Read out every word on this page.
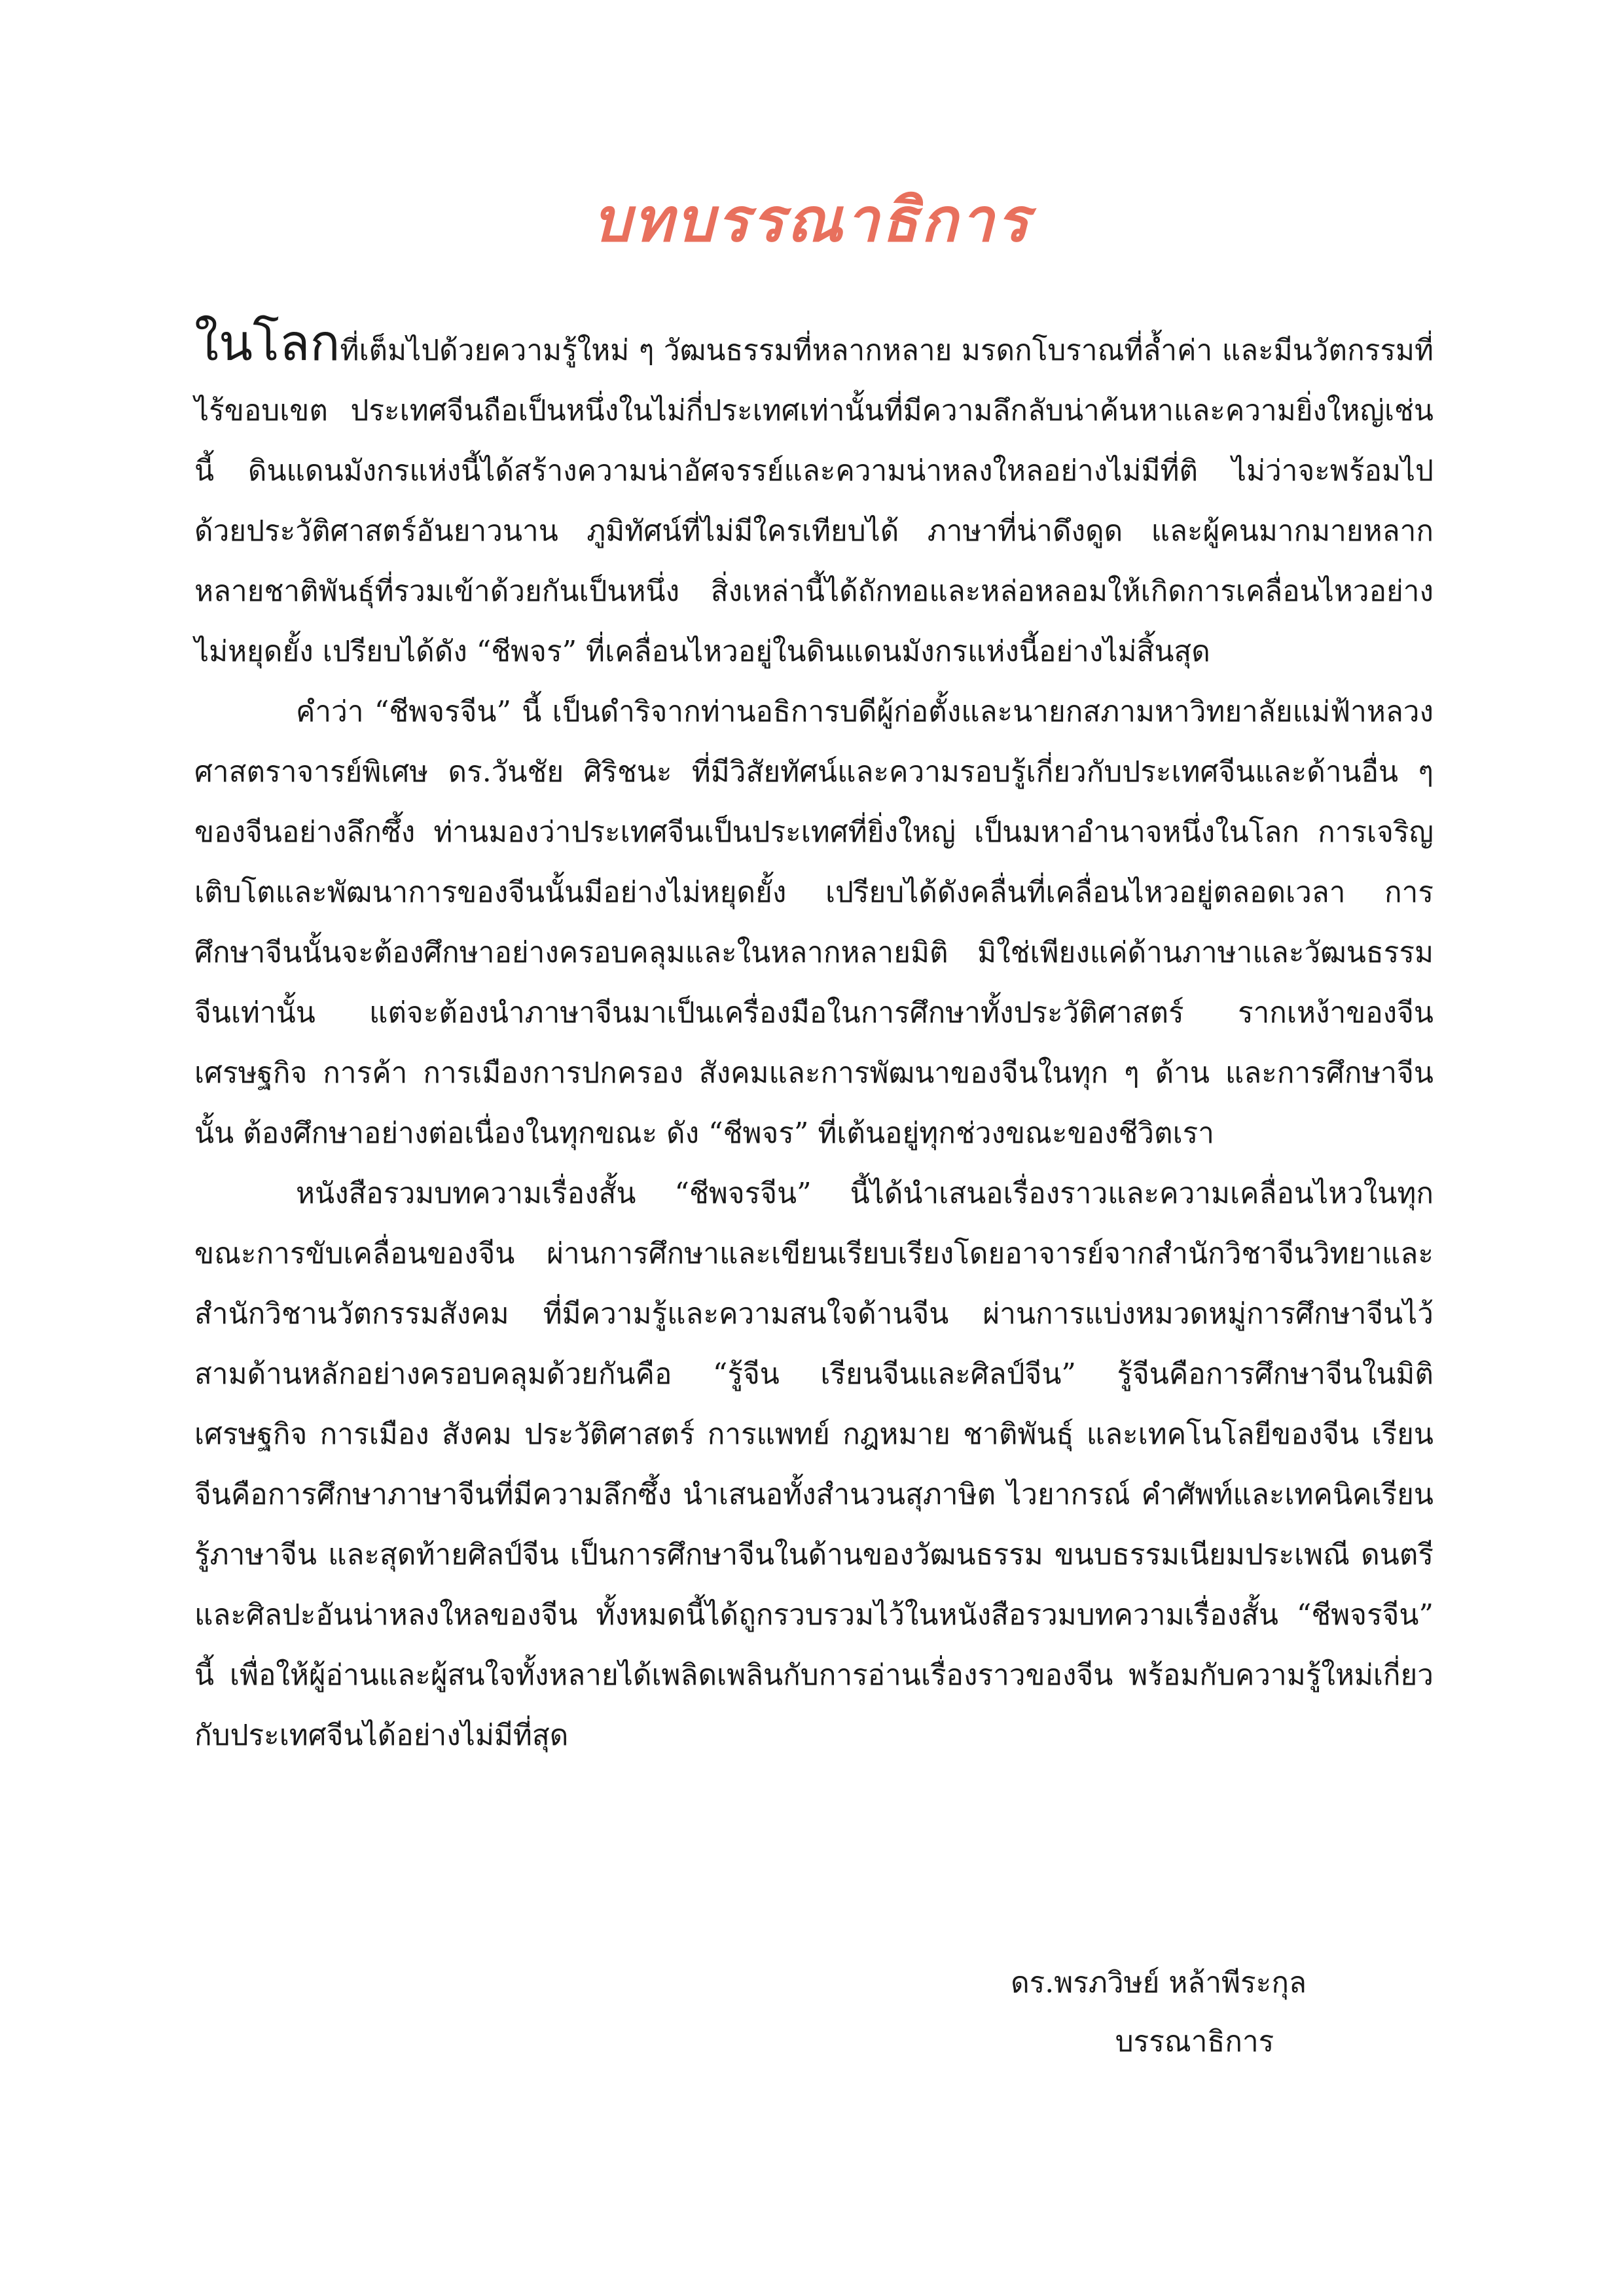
บทบรรณาธิการ

ในโลกที่เต็มไปด้วยความรู้ใหม่ ๆ วัฒนธรรมที่หลากหลาย มรดกโบราณที่ล้ำค่า และมีนวัตกรรมที่ไร้ขอบเขต ประเทศจีนถือเป็นหนึ่งในไม่กี่ประเทศเท่านั้นที่มีความลึกลับน่าค้นหาและความยิ่งใหญ่เช่นนี้ ดินแดนมังกรแห่งนี้ได้สร้างความน่าอัศจรรย์และความน่าหลงใหลอย่างไม่มีที่ติ ไม่ว่าจะพร้อมไปด้วยประวัติศาสตร์อันยาวนาน ภูมิทัศน์ที่ไม่มีใครเทียบได้ ภาษาที่น่าดึงดูด และผู้คนมากมายหลากหลายชาติพันธุ์ที่รวมเข้าด้วยกันเป็นหนึ่ง สิ่งเหล่านี้ได้ถักทอและหล่อหลอมให้เกิดการเคลื่อนไหวอย่างไม่หยุดยั้ง เปรียบได้ดัง “ชีพจร” ที่เคลื่อนไหวอยู่ในดินแดนมังกรแห่งนี้อย่างไม่สิ้นสุด

คำว่า “ชีพจรจีน” นี้ เป็นดำริจากท่านอธิการบดีผู้ก่อตั้งและนายกสภามหาวิทยาลัยแม่ฟ้าหลวง ศาสตราจารย์พิเศษ ดร.วันชัย ศิริชนะ ที่มีวิสัยทัศน์และความรอบรู้เกี่ยวกับประเทศจีนและด้านอื่น ๆ ของจีนอย่างลึกซึ้ง ท่านมองว่าประเทศจีนเป็นประเทศที่ยิ่งใหญ่ เป็นมหาอำนาจหนึ่งในโลก การเจริญเติบโตและพัฒนาการของจีนนั้นมีอย่างไม่หยุดยั้ง เปรียบได้ดังคลื่นที่เคลื่อนไหวอยู่ตลอดเวลา การศึกษาจีนนั้นจะต้องศึกษาอย่างครอบคลุมและในหลากหลายมิติ มิใช่เพียงแค่ด้านภาษาและวัฒนธรรมจีนเท่านั้น แต่จะต้องนำภาษาจีนมาเป็นเครื่องมือในการศึกษาทั้งประวัติศาสตร์ รากเหง้าของจีน เศรษฐกิจ การค้า การเมืองการปกครอง สังคมและการพัฒนาของจีนในทุก ๆ ด้าน และการศึกษาจีนนั้น ต้องศึกษาอย่างต่อเนื่องในทุกขณะ ดัง “ชีพจร” ที่เต้นอยู่ทุกช่วงขณะของชีวิตเรา

หนังสือรวมบทความเรื่องสั้น “ชีพจรจีน” นี้ได้นำเสนอเรื่องราวและความเคลื่อนไหวในทุกขณะการขับเคลื่อนของจีน ผ่านการศึกษาและเขียนเรียบเรียงโดยอาจารย์จากสำนักวิชาจีนวิทยาและสำนักวิชานวัตกรรมสังคม ที่มีความรู้และความสนใจด้านจีน ผ่านการแบ่งหมวดหมู่การศึกษาจีนไว้สามด้านหลักอย่างครอบคลุมด้วยกันคือ “รู้จีน เรียนจีนและศิลป์จีน” รู้จีนคือการศึกษาจีนในมิติเศรษฐกิจ การเมือง สังคม ประวัติศาสตร์ การแพทย์ กฎหมาย ชาติพันธุ์ และเทคโนโลยีของจีน เรียนจีนคือการศึกษาภาษาจีนที่มีความลึกซึ้ง นำเสนอทั้งสำนวนสุภาษิต ไวยากรณ์ คำศัพท์และเทคนิคเรียนรู้ภาษาจีน และสุดท้ายศิลป์จีน เป็นการศึกษาจีนในด้านของวัฒนธรรม ขนบธรรมเนียมประเพณี ดนตรีและศิลปะอันน่าหลงใหลของจีน ทั้งหมดนี้ได้ถูกรวบรวมไว้ในหนังสือรวมบทความเรื่องสั้น “ชีพจรจีน” นี้ เพื่อให้ผู้อ่านและผู้สนใจทั้งหลายได้เพลิดเพลินกับการอ่านเรื่องราวของจีน พร้อมกับความรู้ใหม่เกี่ยว กับประเทศจีนได้อย่างไม่มีที่สุด

ดร.พรภวิษย์ หล้าพีระกุล
บรรณาธิการ
